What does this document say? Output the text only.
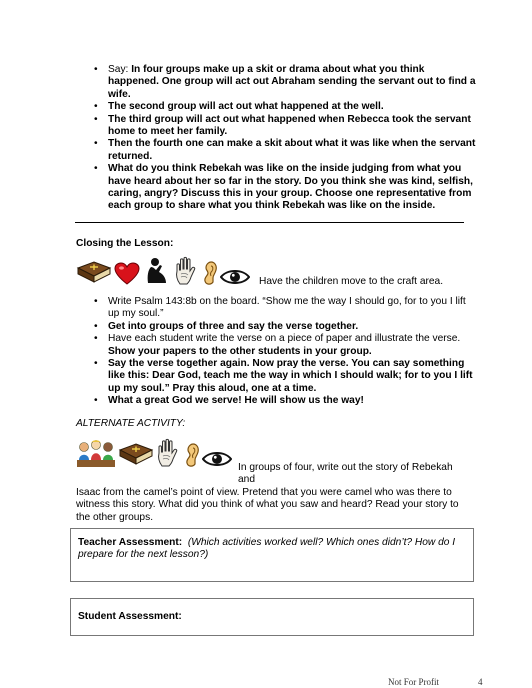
• Say: In four groups make up a skit or drama about what you think happened. One group will act out Abraham sending the servant out to find a wife.
• The second group will act out what happened at the well.
• The third group will act out what happened when Rebecca took the servant home to meet her family.
• Then the fourth one can make a skit about what it was like when the servant returned.
• What do you think Rebekah was like on the inside judging from what you have heard about her so far in the story. Do you think she was kind, selfish, caring, angry? Discuss this in your group. Choose one representative from each group to share what you think Rebekah was like on the inside.
Closing the Lesson:
Have the children move to the craft area.
• Write Psalm 143:8b on the board. “Show me the way I should go, for to you I lift up my soul.”
• Get into groups of three and say the verse together.
• Have each student write the verse on a piece of paper and illustrate the verse. Show your papers to the other students in your group.
• Say the verse together again. Now pray the verse. You can say something like this: Dear God, teach me the way in which I should walk; for to you I lift up my soul.” Pray this aloud, one at a time.
• What a great God we serve! He will show us the way!
ALTERNATE ACTIVITY:
In groups of four, write out the story of Rebekah and
Isaac from the camel’s point of view. Pretend that you were camel who was there to witness this story. What did you think of what you saw and heard? Read your story to the other groups.
Teacher Assessment: (Which activities worked well? Which ones didn’t? How do I prepare for the next lesson?)
Student Assessment:
Not For Profit	4
